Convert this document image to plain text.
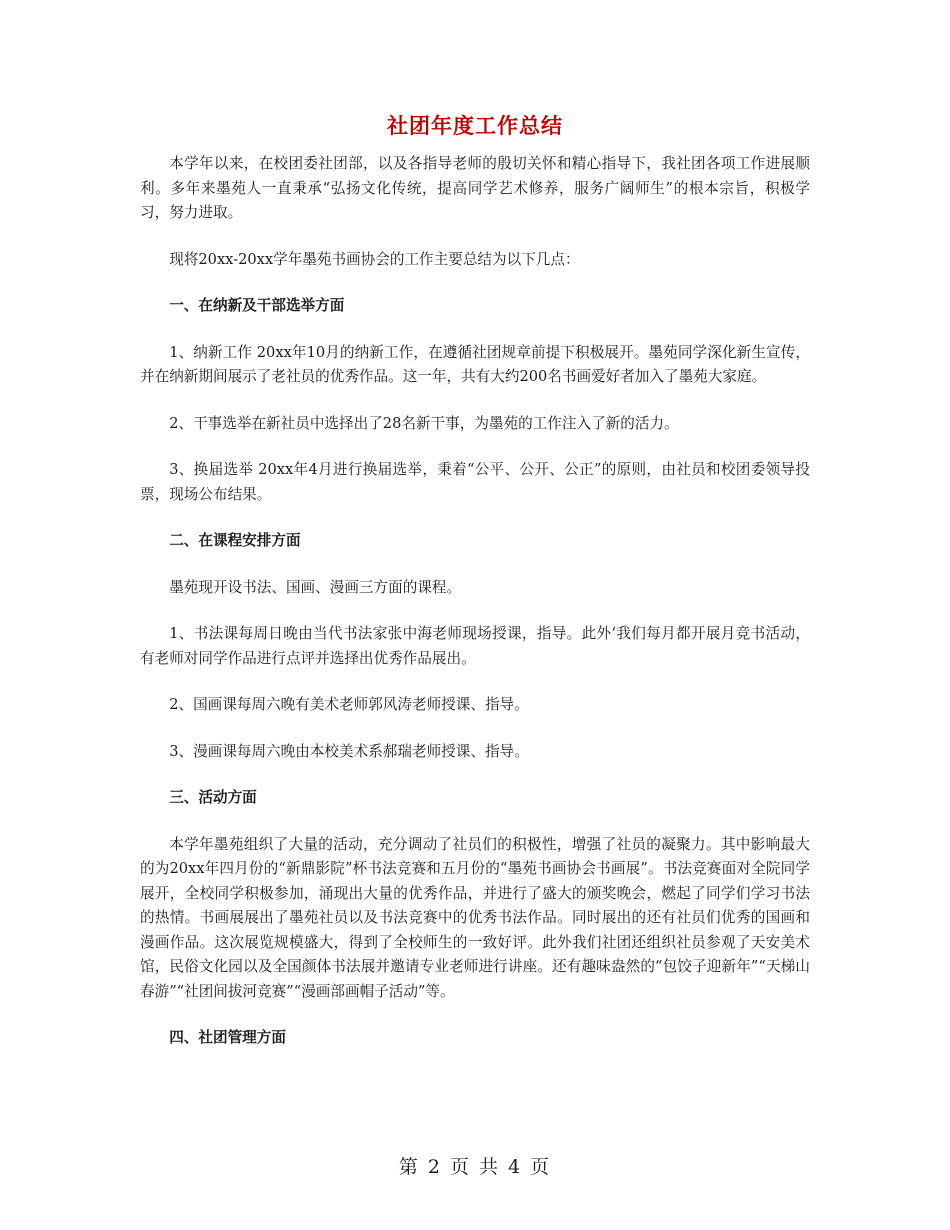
社团年度工作总结

本学年以来，在校团委社团部，以及各指导老师的殷切关怀和精心指导下，我社团各项工作进展顺利。多年来墨苑人一直秉承“弘扬文化传统，提高同学艺术修养，服务广阔师生”的根本宗旨，积极学习，努力进取。

现将20xx-20xx学年墨苑书画协会的工作主要总结为以下几点：

一、在纳新及干部选举方面

1、纳新工作 20xx年10月的纳新工作，在遵循社团规章前提下积极展开。墨苑同学深化新生宣传，并在纳新期间展示了老社员的优秀作品。这一年，共有大约200名书画爱好者加入了墨苑大家庭。

2、干事选举在新社员中选择出了28名新干事，为墨苑的工作注入了新的活力。

3、换届选举 20xx年4月进行换届选举，秉着“公平、公开、公正”的原则，由社员和校团委领导投票，现场公布结果。

二、在课程安排方面

墨苑现开设书法、国画、漫画三方面的课程。

1、书法课每周日晚由当代书法家张中海老师现场授课，指导。此外‘我们每月都开展月竞书活动，有老师对同学作品进行点评并选择出优秀作品展出。

2、国画课每周六晚有美术老师郭风涛老师授课、指导。

3、漫画课每周六晚由本校美术系郝瑞老师授课、指导。

三、活动方面

本学年墨苑组织了大量的活动，充分调动了社员们的积极性，增强了社员的凝聚力。其中影响最大的为20xx年四月份的“新鼎影院”杯书法竞赛和五月份的“墨苑书画协会书画展”。书法竞赛面对全院同学展开，全校同学积极参加，涌现出大量的优秀作品，并进行了盛大的颁奖晚会，燃起了同学们学习书法的热情。书画展展出了墨苑社员以及书法竞赛中的优秀书法作品。同时展出的还有社员们优秀的国画和漫画作品。这次展览规模盛大，得到了全校师生的一致好评。此外我们社团还组织社员参观了天安美术馆，民俗文化园以及全国颜体书法展并邀请专业老师进行讲座。还有趣味盎然的“包饺子迎新年”“天梯山春游”“社团间拔河竞赛”“漫画部画帽子活动”等。

四、社团管理方面

第 2 页 共 4 页
